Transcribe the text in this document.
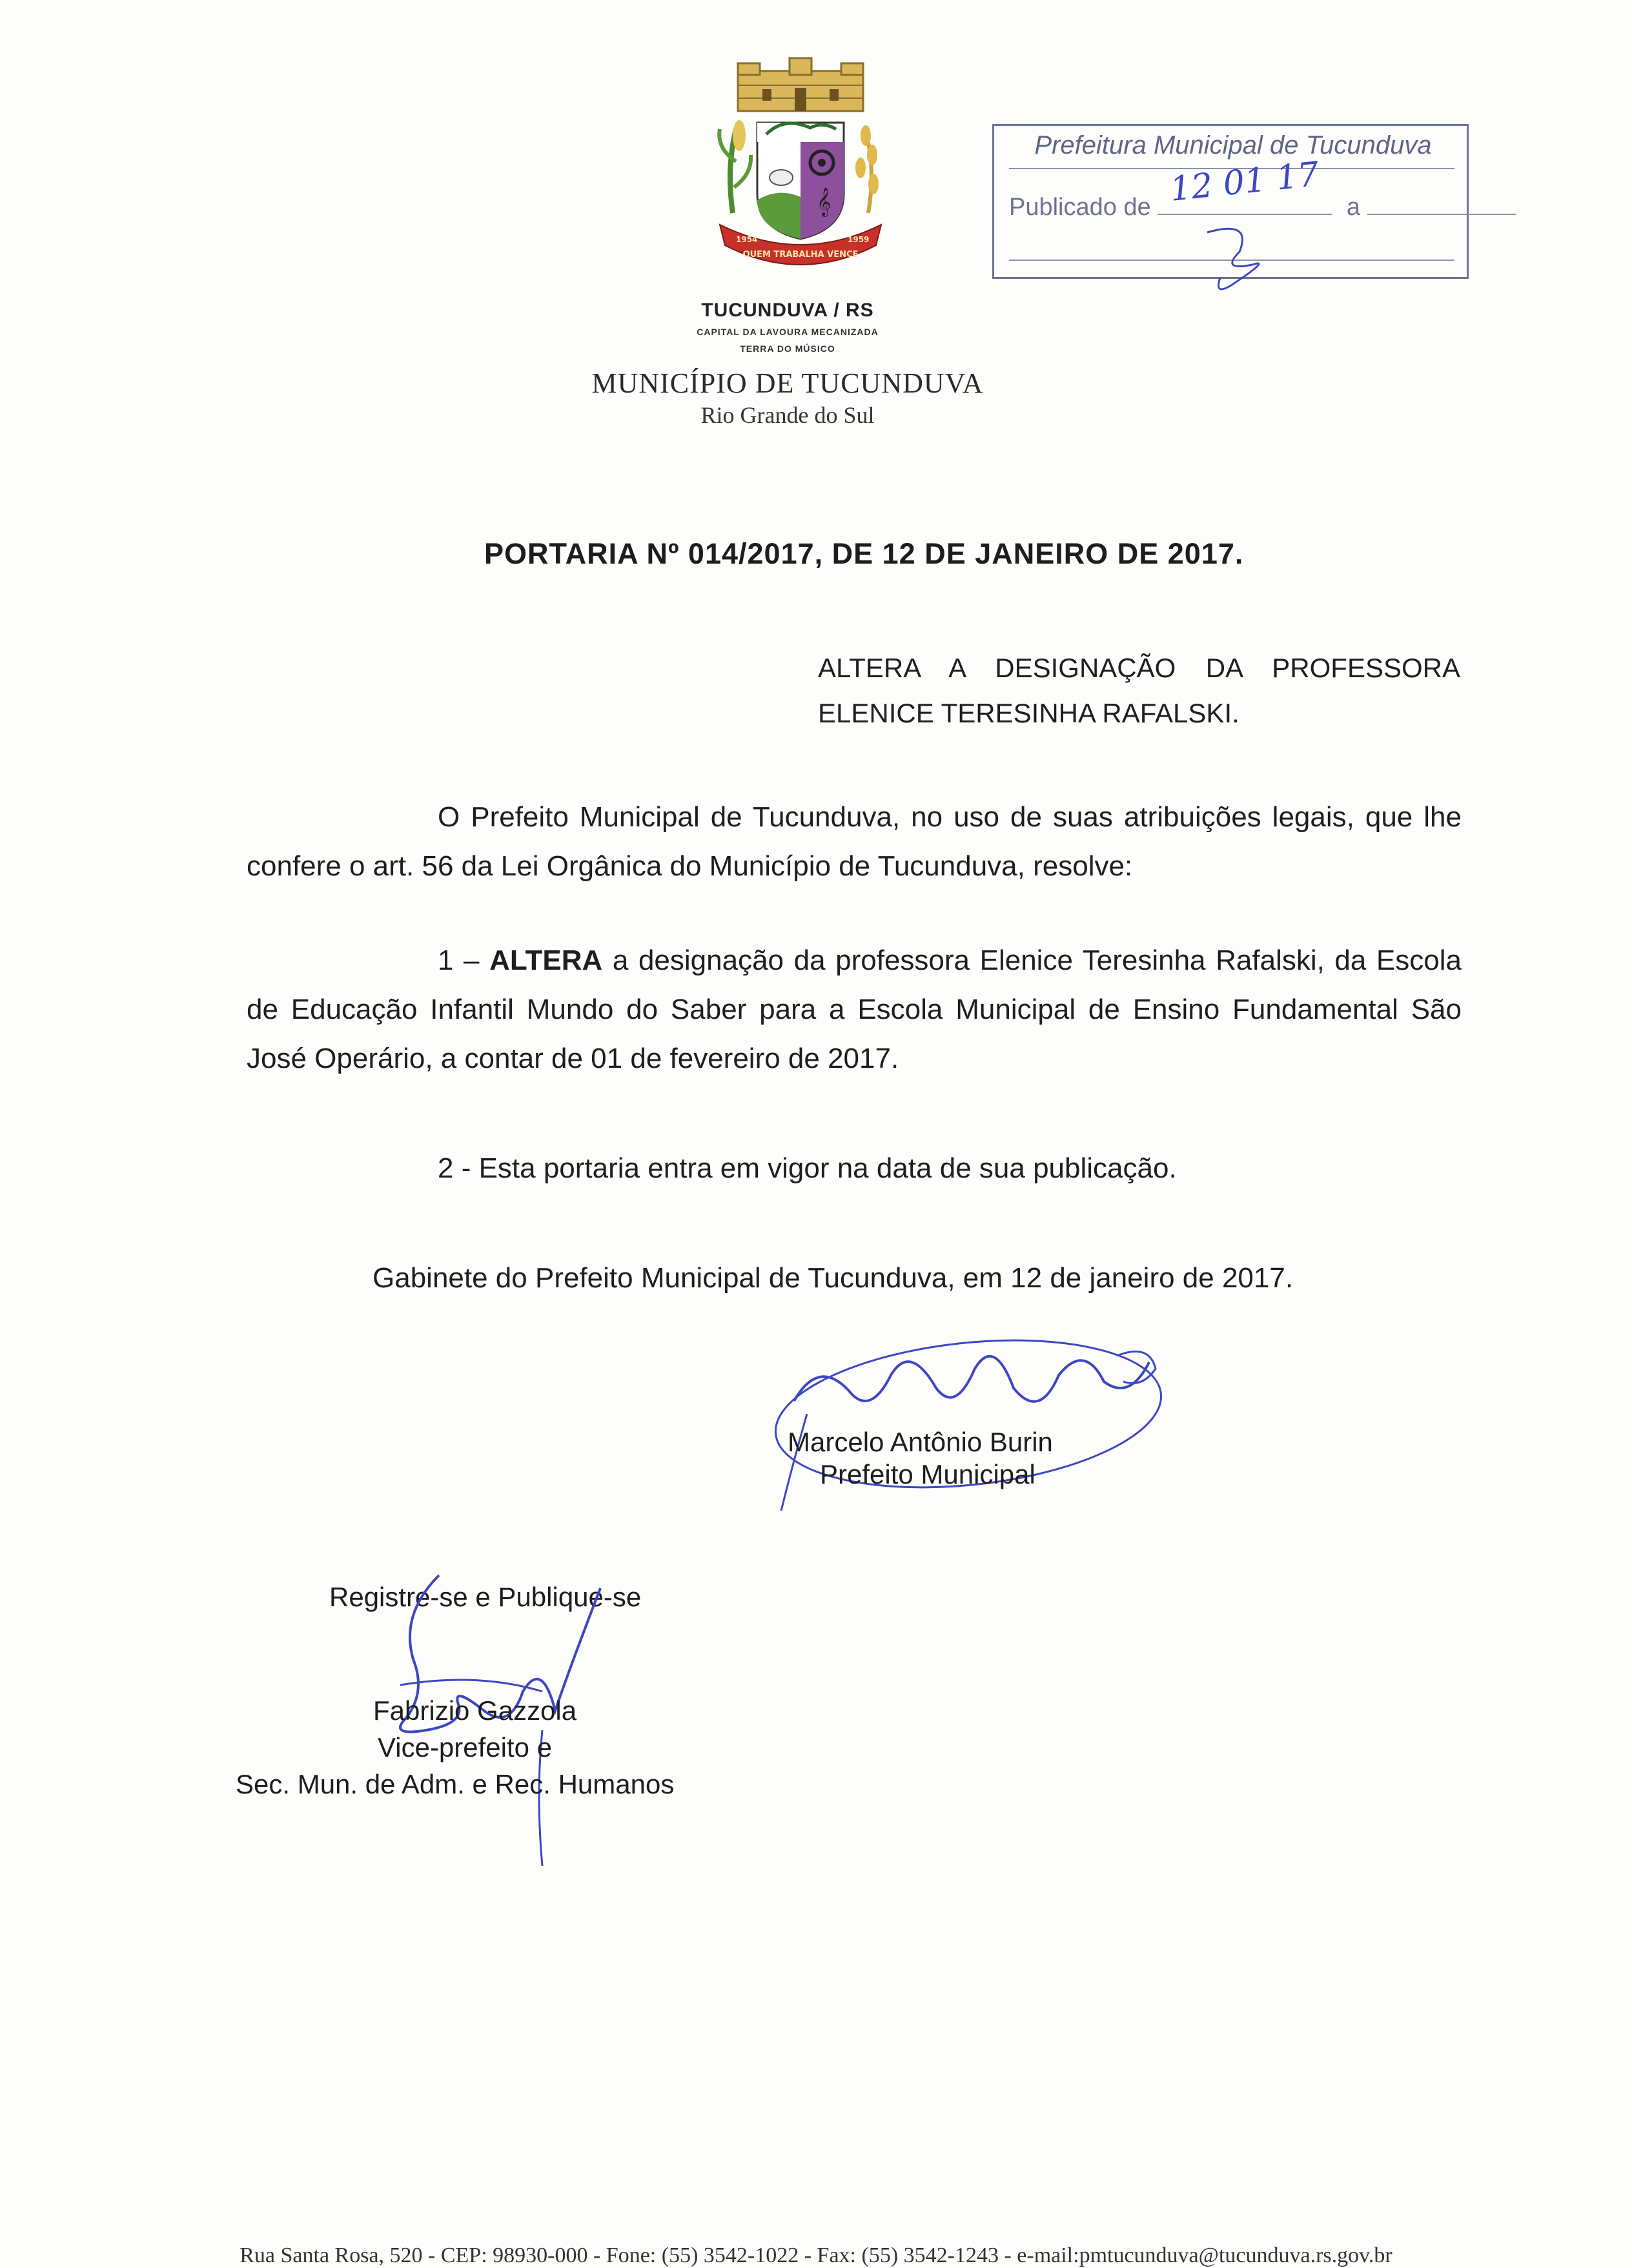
𝄞
QUEM TRABALHA VENCE
1954	1959
TUCUNDUVA / RS
CAPITAL DA LAVOURA MECANIZADA
TERRA DO MÚSICO
MUNICÍPIO DE TUCUNDUVA
Rio Grande do Sul
Prefeitura Municipal de Tucunduva
Publicado de	a
12 01 17
PORTARIA Nº 014/2017, DE 12 DE JANEIRO DE 2017.
ALTERA A DESIGNAÇÃO DA PROFESSORA ELENICE TERESINHA RAFALSKI.
O Prefeito Municipal de Tucunduva, no uso de suas atribuições legais, que lhe confere o art. 56 da Lei Orgânica do Município de Tucunduva, resolve:
1 – ALTERA a designação da professora Elenice Teresinha Rafalski, da Escola de Educação Infantil Mundo do Saber para a Escola Municipal de Ensino Fundamental São José Operário, a contar de 01 de fevereiro de 2017.
2 - Esta portaria entra em vigor na data de sua publicação.
Gabinete do Prefeito Municipal de Tucunduva, em 12 de janeiro de 2017.
Marcelo Antônio Burin
Prefeito Municipal
Registre-se e Publique-se
Fabrizio Gazzola
Vice-prefeito e
Sec. Mun. de Adm. e Rec. Humanos
Rua Santa Rosa, 520 - CEP: 98930-000 - Fone: (55) 3542-1022 - Fax: (55) 3542-1243 - e-mail:pmtucunduva@tucunduva.rs.gov.br
